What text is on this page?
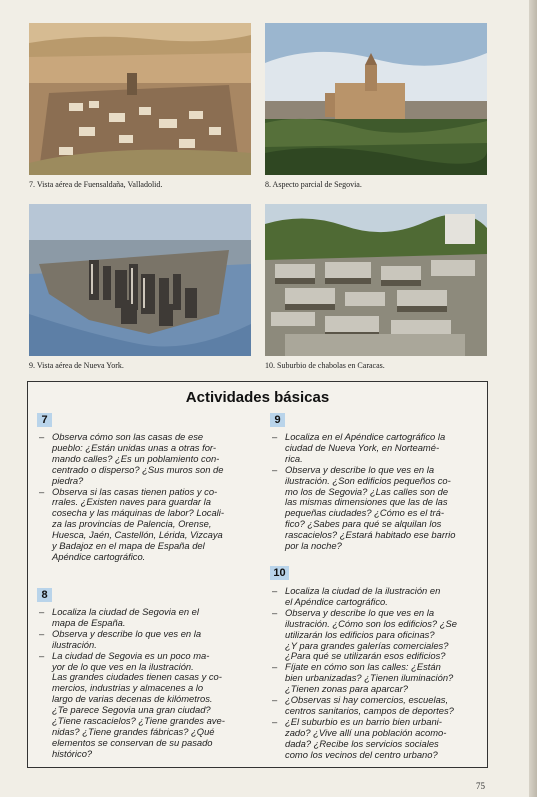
7. Vista aérea de Fuensaldaña, Valladolid.	8. Aspecto parcial de Segovia.
9. Vista aérea de Nueva York.	10. Suburbio de chabolas en Caracas.
Actividades básicas
7
– Observa cómo son las casas de ese
pueblo: ¿Están unidas unas a otras for-
mando calles? ¿Es un poblamiento con-
centrado o disperso? ¿Sus muros son de
piedra?
– Observa si las casas tienen patios y co-
rrales. ¿Existen naves para guardar la
cosecha y las máquinas de labor? Locali-
za las provincias de Palencia, Orense,
Huesca, Jaén, Castellón, Lérida, Vizcaya
y Badajoz en el mapa de España del
Apéndice cartográfico.
8
– Localiza la ciudad de Segovia en el
mapa de España.
– Observa y describe lo que ves en la
ilustración.
– La ciudad de Segovia es un poco ma-
yor de lo que ves en la ilustración.
Las grandes ciudades tienen casas y co-
mercios, industrias y almacenes a lo
largo de varias decenas de kilómetros.
¿Te parece Segovia una gran ciudad?
¿Tiene rascacielos? ¿Tiene grandes ave-
nidas? ¿Tiene grandes fábricas? ¿Qué
elementos se conservan de su pasado
histórico?
9
– Localiza en el Apéndice cartográfico la
ciudad de Nueva York, en Norteamé-
rica.
– Observa y describe lo que ves en la
ilustración. ¿Son edificios pequeños co-
mo los de Segovia? ¿Las calles son de
las mismas dimensiones que las de las
pequeñas ciudades? ¿Cómo es el trá-
fico? ¿Sabes para qué se alquilan los
rascacielos? ¿Estará habitado ese barrio
por la noche?
10
– Localiza la ciudad de la ilustración en
el Apéndice cartográfico.
– Observa y describe lo que ves en la
ilustración. ¿Cómo son los edificios? ¿Se
utilizarán los edificios para oficinas?
¿Y para grandes galerías comerciales?
¿Para qué se utilizarán esos edificios?
– Fíjate en cómo son las calles: ¿Están
bien urbanizadas? ¿Tienen iluminación?
¿Tienen zonas para aparcar?
– ¿Observas si hay comercios, escuelas,
centros sanitarios, campos de deportes?
– ¿El suburbio es un barrio bien urbani-
zado? ¿Vive allí una población acomo-
dada? ¿Recibe los servicios sociales
como los vecinos del centro urbano?
75
